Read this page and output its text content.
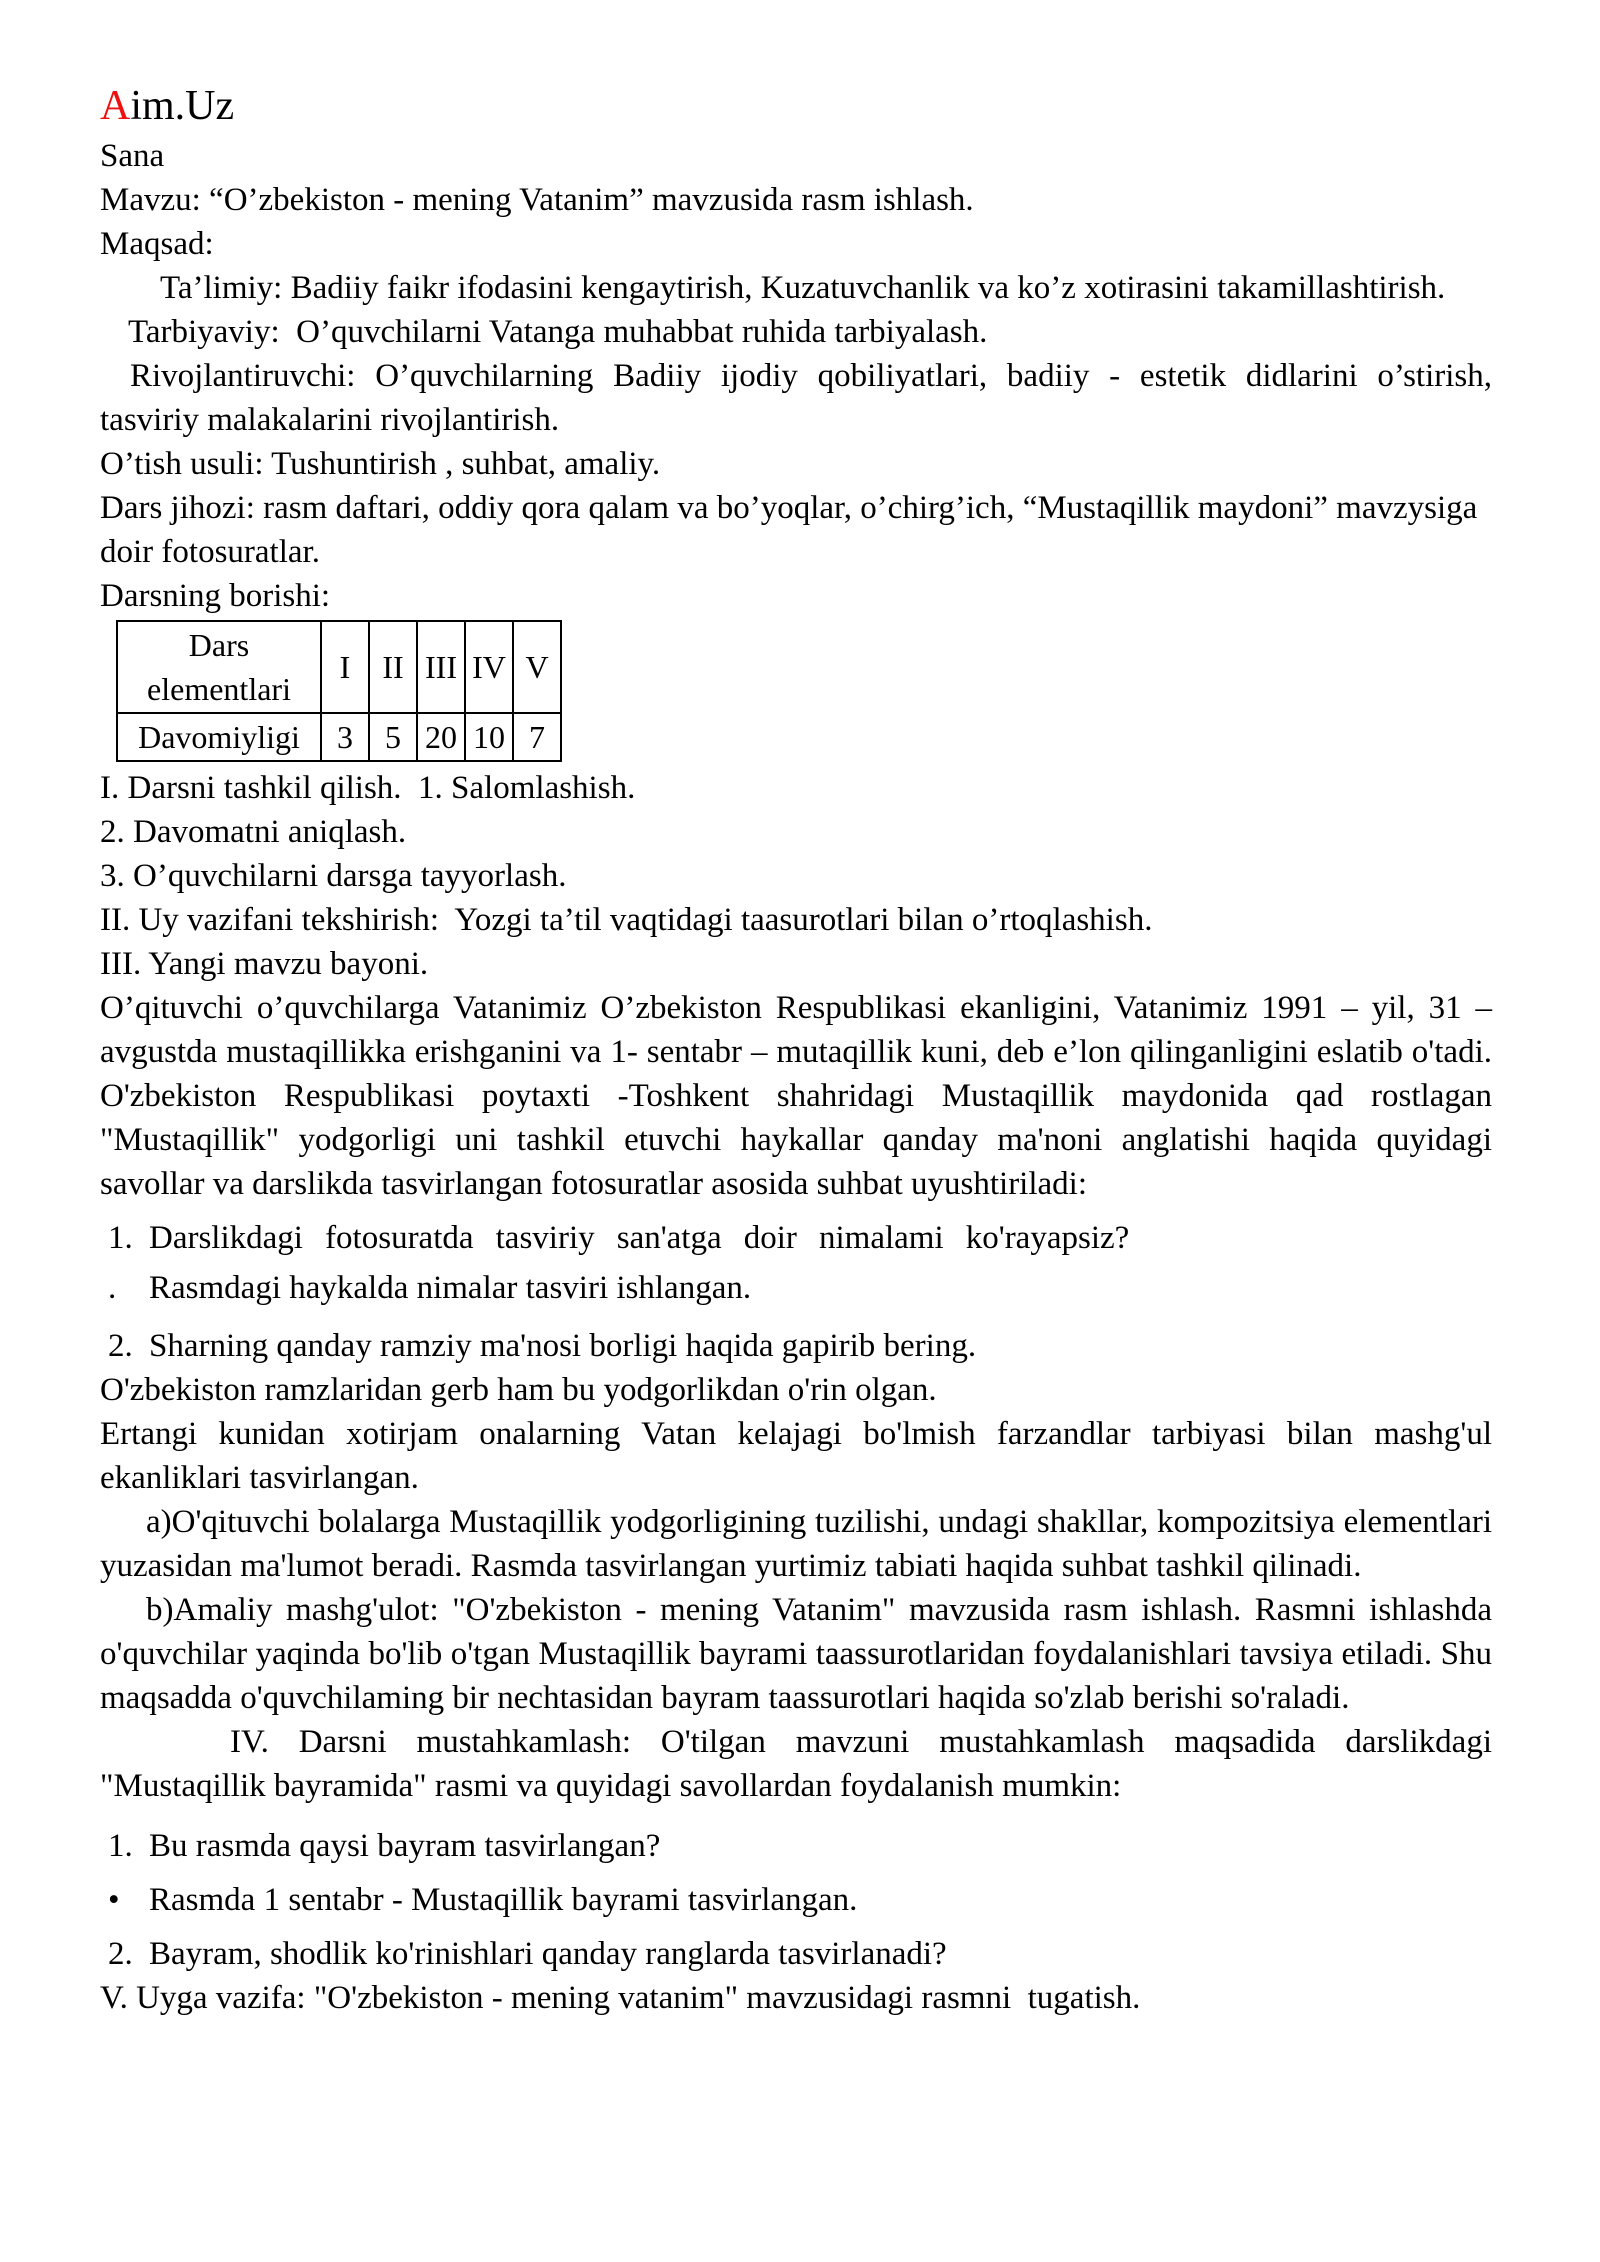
Aim.Uz

Sana

Mavzu: “O’zbekiston - mening Vatanim” mavzusida rasm ishlash.

Maqsad:

Ta’limiy: Badiiy faikr ifodasini kengaytirish, Kuzatuvchanlik va ko’z xotirasini takamillashtirish.

Tarbiyaviy:  O’quvchilarni Vatanga muhabbat ruhida tarbiyalash.

Rivojlantiruvchi: O’quvchilarning Badiiy ijodiy qobiliyatlari, badiiy - estetik didlarini o’stirish, tasviriy malakalarini rivojlantirish.

O’tish usuli: Tushuntirish , suhbat, amaliy.

Dars jihozi: rasm daftari, oddiy qora qalam va bo’yoqlar, o’chirg’ich, “Mustaqillik maydoni” mavzysiga doir fotosuratlar.

Darsning borishi:

Dars elementlari	I	II	III	IV	V
Davomiyligi	3	5	20	10	7

I. Darsni tashkil qilish.  1. Salomlashish.

2. Davomatni aniqlash.

3. O’quvchilarni darsga tayyorlash.

II. Uy vazifani tekshirish:  Yozgi ta’til vaqtidagi taasurotlari bilan o’rtoqlashish.

III. Yangi mavzu bayoni.

O’qituvchi o’quvchilarga Vatanimiz O’zbekiston Respublikasi ekanligini, Vatanimiz 1991 – yil, 31 – avgustda mustaqillikka erishganini va 1- sentabr – mutaqillik kuni, deb e’lon qilinganligini eslatib o'tadi. O'zbekiston Respublikasi poytaxti -Toshkent shahridagi Mustaqillik maydonida qad rostlagan "Mustaqillik" yodgorligi uni tashkil etuvchi haykallar qanday ma'noni anglatishi haqida quyidagi savollar va darslikda tasvirlangan fotosuratlar asosida suhbat uyushtiriladi:

1. Darslikdagi fotosuratda tasviriy san'atga doir nimalami ko'rayapsiz?
. Rasmdagi haykalda nimalar tasviri ishlangan.
2. Sharning qanday ramziy ma'nosi borligi haqida gapirib bering.

O'zbekiston ramzlaridan gerb ham bu yodgorlikdan o'rin olgan.

Ertangi kunidan xotirjam onalarning Vatan kelajagi bo'lmish farzandlar tarbiyasi bilan mashg'ul ekanliklari tasvirlangan.

a)O'qituvchi bolalarga Mustaqillik yodgorligining tuzilishi, undagi shakllar, kompozitsiya elementlari yuzasidan ma'lumot beradi. Rasmda tasvirlangan yurtimiz tabiati haqida suhbat tashkil qilinadi.

b)Amaliy mashg'ulot: "O'zbekiston - mening Vatanim" mavzusida rasm ishlash. Rasmni ishlashda o'quvchilar yaqinda bo'lib o'tgan Mustaqillik bayrami taassurotlaridan foydalanishlari tavsiya etiladi. Shu maqsadda o'quvchilaming bir nechtasidan bayram taassurotlari haqida so'zlab berishi so'raladi.

IV. Darsni mustahkamlash: O'tilgan mavzuni mustahkamlash maqsadida darslikdagi "Mustaqillik bayramida" rasmi va quyidagi savollardan foydalanish mumkin:

1. Bu rasmda qaysi bayram tasvirlangan?
• Rasmda 1 sentabr - Mustaqillik bayrami tasvirlangan.
2. Bayram, shodlik ko'rinishlari qanday ranglarda tasvirlanadi?

V. Uyga vazifa: "O'zbekiston - mening vatanim" mavzusidagi rasmni  tugatish.
